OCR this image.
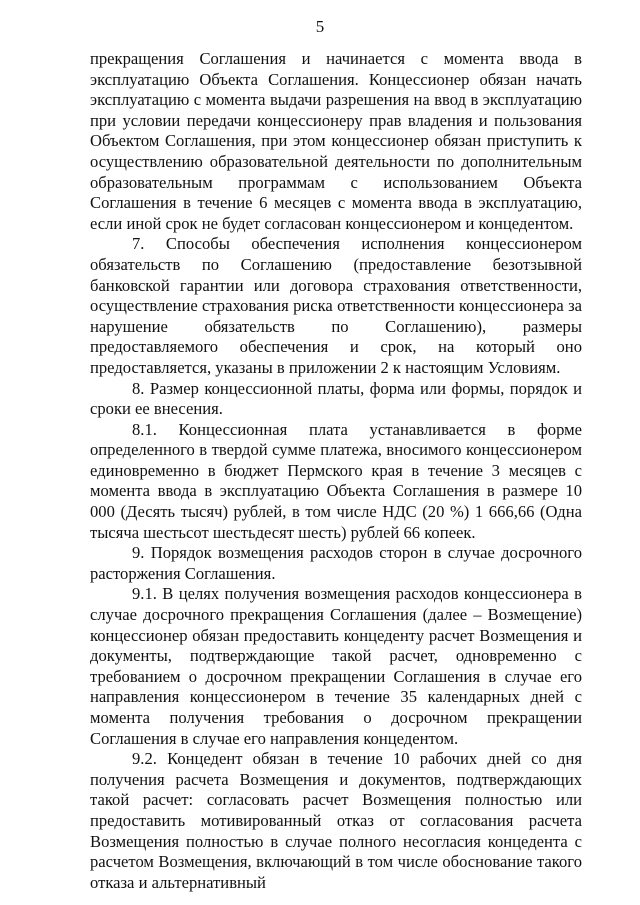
5

прекращения Соглашения и начинается с момента ввода в эксплуатацию Объекта Соглашения. Концессионер обязан начать эксплуатацию с момента выдачи разрешения на ввод в эксплуатацию при условии передачи концессионеру прав владения и пользования Объектом Соглашения, при этом концессионер обязан приступить к осуществлению образовательной деятельности по дополнительным образовательным программам с использованием Объекта Соглашения в течение 6 месяцев с момента ввода в эксплуатацию, если иной срок не будет согласован концессионером и концедентом.

7. Способы обеспечения исполнения концессионером обязательств по Соглашению (предоставление безотзывной банковской гарантии или договора страхования ответственности, осуществление страхования риска ответственности концессионера за нарушение обязательств по Соглашению), размеры предоставляемого обеспечения и срок, на который оно предоставляется, указаны в приложении 2 к настоящим Условиям.

8. Размер концессионной платы, форма или формы, порядок и сроки ее внесения.

8.1. Концессионная плата устанавливается в форме определенного в твердой сумме платежа, вносимого концессионером единовременно в бюджет Пермского края в течение 3 месяцев с момента ввода в эксплуатацию Объекта Соглашения в размере 10 000 (Десять тысяч) рублей, в том числе НДС (20 %) 1 666,66 (Одна тысяча шестьсот шестьдесят шесть) рублей 66 копеек.

9. Порядок возмещения расходов сторон в случае досрочного расторжения Соглашения.

9.1. В целях получения возмещения расходов концессионера в случае досрочного прекращения Соглашения (далее – Возмещение) концессионер обязан предоставить концеденту расчет Возмещения и документы, подтверждающие такой расчет, одновременно с требованием о досрочном прекращении Соглашения в случае его направления концессионером в течение 35 календарных дней с момента получения требования о досрочном прекращении Соглашения в случае его направления концедентом.

9.2. Концедент обязан в течение 10 рабочих дней со дня получения расчета Возмещения и документов, подтверждающих такой расчет: согласовать расчет Возмещения полностью или предоставить мотивированный отказ от согласования расчета Возмещения полностью в случае полного несогласия концедента с расчетом Возмещения, включающий в том числе обоснование такого отказа и альтернативный
